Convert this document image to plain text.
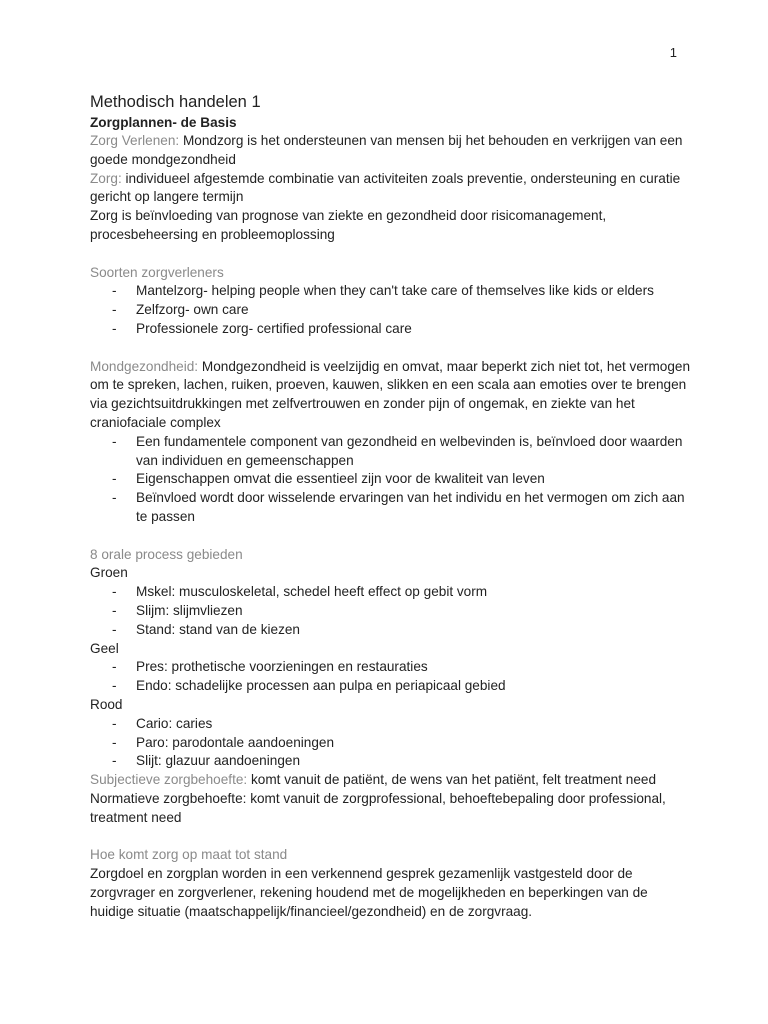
1
Methodisch handelen 1
Zorgplannen- de Basis

Zorg Verlenen: Mondzorg is het ondersteunen van mensen bij het behouden en verkrijgen van een goede mondgezondheid

Zorg: individueel afgestemde combinatie van activiteiten zoals preventie, ondersteuning en curatie gericht op langere termijn

Zorg is beïnvloeding van prognose van ziekte en gezondheid door risicomanagement, procesbeheersing en probleemoplossing

Soorten zorgverleners

- Mantelzorg- helping people when they can't take care of themselves like kids or elders
- Zelfzorg- own care
- Professionele zorg- certified professional care

Mondgezondheid: Mondgezondheid is veelzijdig en omvat, maar beperkt zich niet tot, het vermogen om te spreken, lachen, ruiken, proeven, kauwen, slikken en een scala aan emoties over te brengen via gezichtsuitdrukkingen met zelfvertrouwen en zonder pijn of ongemak, en ziekte van het craniofaciale complex

- Een fundamentele component van gezondheid en welbevinden is, beïnvloed door waarden van individuen en gemeenschappen
- Eigenschappen omvat die essentieel zijn voor de kwaliteit van leven
- Beïnvloed wordt door wisselende ervaringen van het individu en het vermogen om zich aan te passen

8 orale process gebieden

Groen

- Mskel: musculoskeletal, schedel heeft effect op gebit vorm
- Slijm: slijmvliezen
- Stand: stand van de kiezen

Geel

- Pres: prothetische voorzieningen en restauraties
- Endo: schadelijke processen aan pulpa en periapicaal gebied

Rood

- Cario: caries
- Paro: parodontale aandoeningen
- Slijt: glazuur aandoeningen

Subjectieve zorgbehoefte: komt vanuit de patiënt, de wens van het patiënt, felt treatment need

Normatieve zorgbehoefte: komt vanuit de zorgprofessional, behoeftebepaling door professional, treatment need

Hoe komt zorg op maat tot stand

Zorgdoel en zorgplan worden in een verkennend gesprek gezamenlijk vastgesteld door de zorgvrager en zorgverlener, rekening houdend met de mogelijkheden en beperkingen van de huidige situatie (maatschappelijk/financieel/gezondheid) en de zorgvraag.
